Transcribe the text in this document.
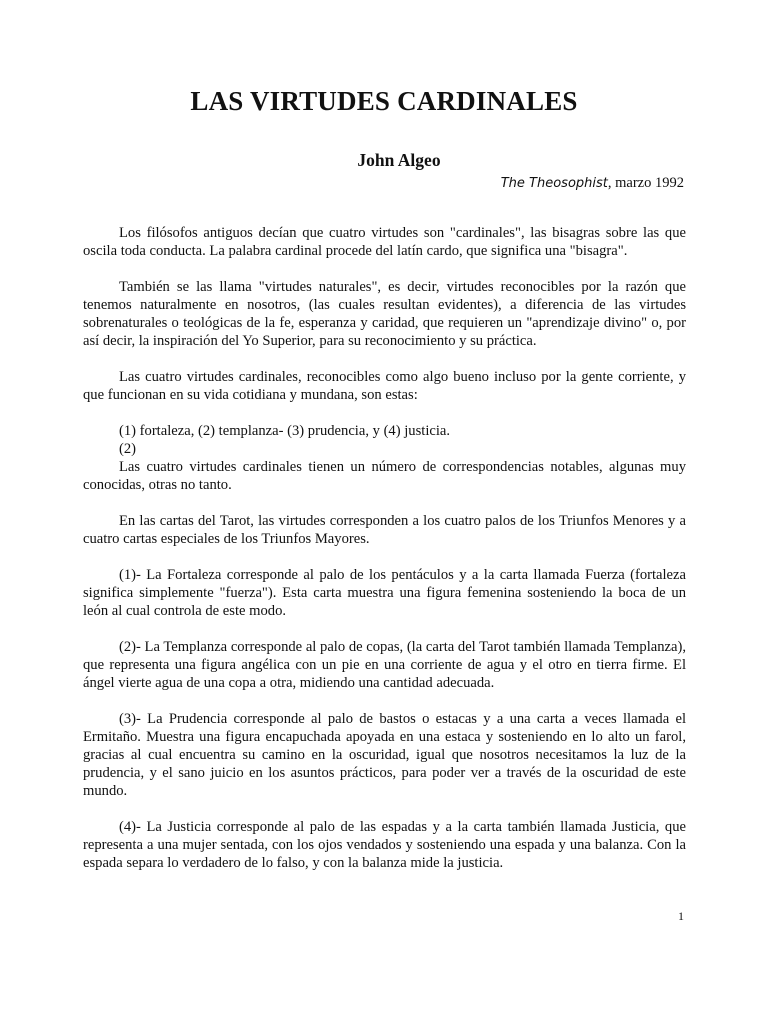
LAS VIRTUDES CARDINALES
John Algeo
The Theosophist, marzo 1992

Los filósofos antiguos decían que cuatro virtudes son "cardinales", las bisagras sobre las que oscila toda conducta. La palabra cardinal procede del latín cardo, que significa una "bisagra".

También se las llama "virtudes naturales", es decir, virtudes reconocibles por la razón que tenemos naturalmente en nosotros, (las cuales resultan evidentes), a diferencia de las virtudes sobrenaturales o teológicas de la fe, esperanza y caridad, que requieren un "aprendizaje divino" o, por así decir, la inspiración del Yo Superior, para su reconocimiento y su práctica.

Las cuatro virtudes cardinales, reconocibles como algo bueno incluso por la gente corriente, y que funcionan en su vida cotidiana y mundana, son estas:

(1) fortaleza, (2) templanza- (3) prudencia, y (4) justicia.

(2)

Las cuatro virtudes cardinales tienen un número de correspondencias notables, algunas muy conocidas, otras no tanto.

En las cartas del Tarot, las virtudes corresponden a los cuatro palos de los Triunfos Menores y a cuatro cartas especiales de los Triunfos Mayores.

(1)- La Fortaleza corresponde al palo de los pentáculos y a la carta llamada Fuerza (fortaleza significa simplemente "fuerza"). Esta carta muestra una figura femenina sosteniendo la boca de un león al cual controla de este modo.

(2)- La Templanza corresponde al palo de copas, (la carta del Tarot también llamada Templanza), que representa una figura angélica con un pie en una corriente de agua y el otro en tierra firme. El ángel vierte agua de una copa a otra, midiendo una cantidad adecuada.

(3)- La Prudencia corresponde al palo de bastos o estacas y a una carta a veces llamada el Ermitaño. Muestra una figura encapuchada apoyada en una estaca y sosteniendo en lo alto un farol, gracias al cual encuentra su camino en la oscuridad, igual que nosotros necesitamos la luz de la prudencia, y el sano juicio en los asuntos prácticos, para poder ver a través de la oscuridad de este mundo.

(4)- La Justicia corresponde al palo de las espadas y a la carta también llamada Justicia, que representa a una mujer sentada, con los ojos vendados y sosteniendo una espada y una balanza. Con la espada separa lo verdadero de lo falso, y con la balanza mide la justicia.

1
